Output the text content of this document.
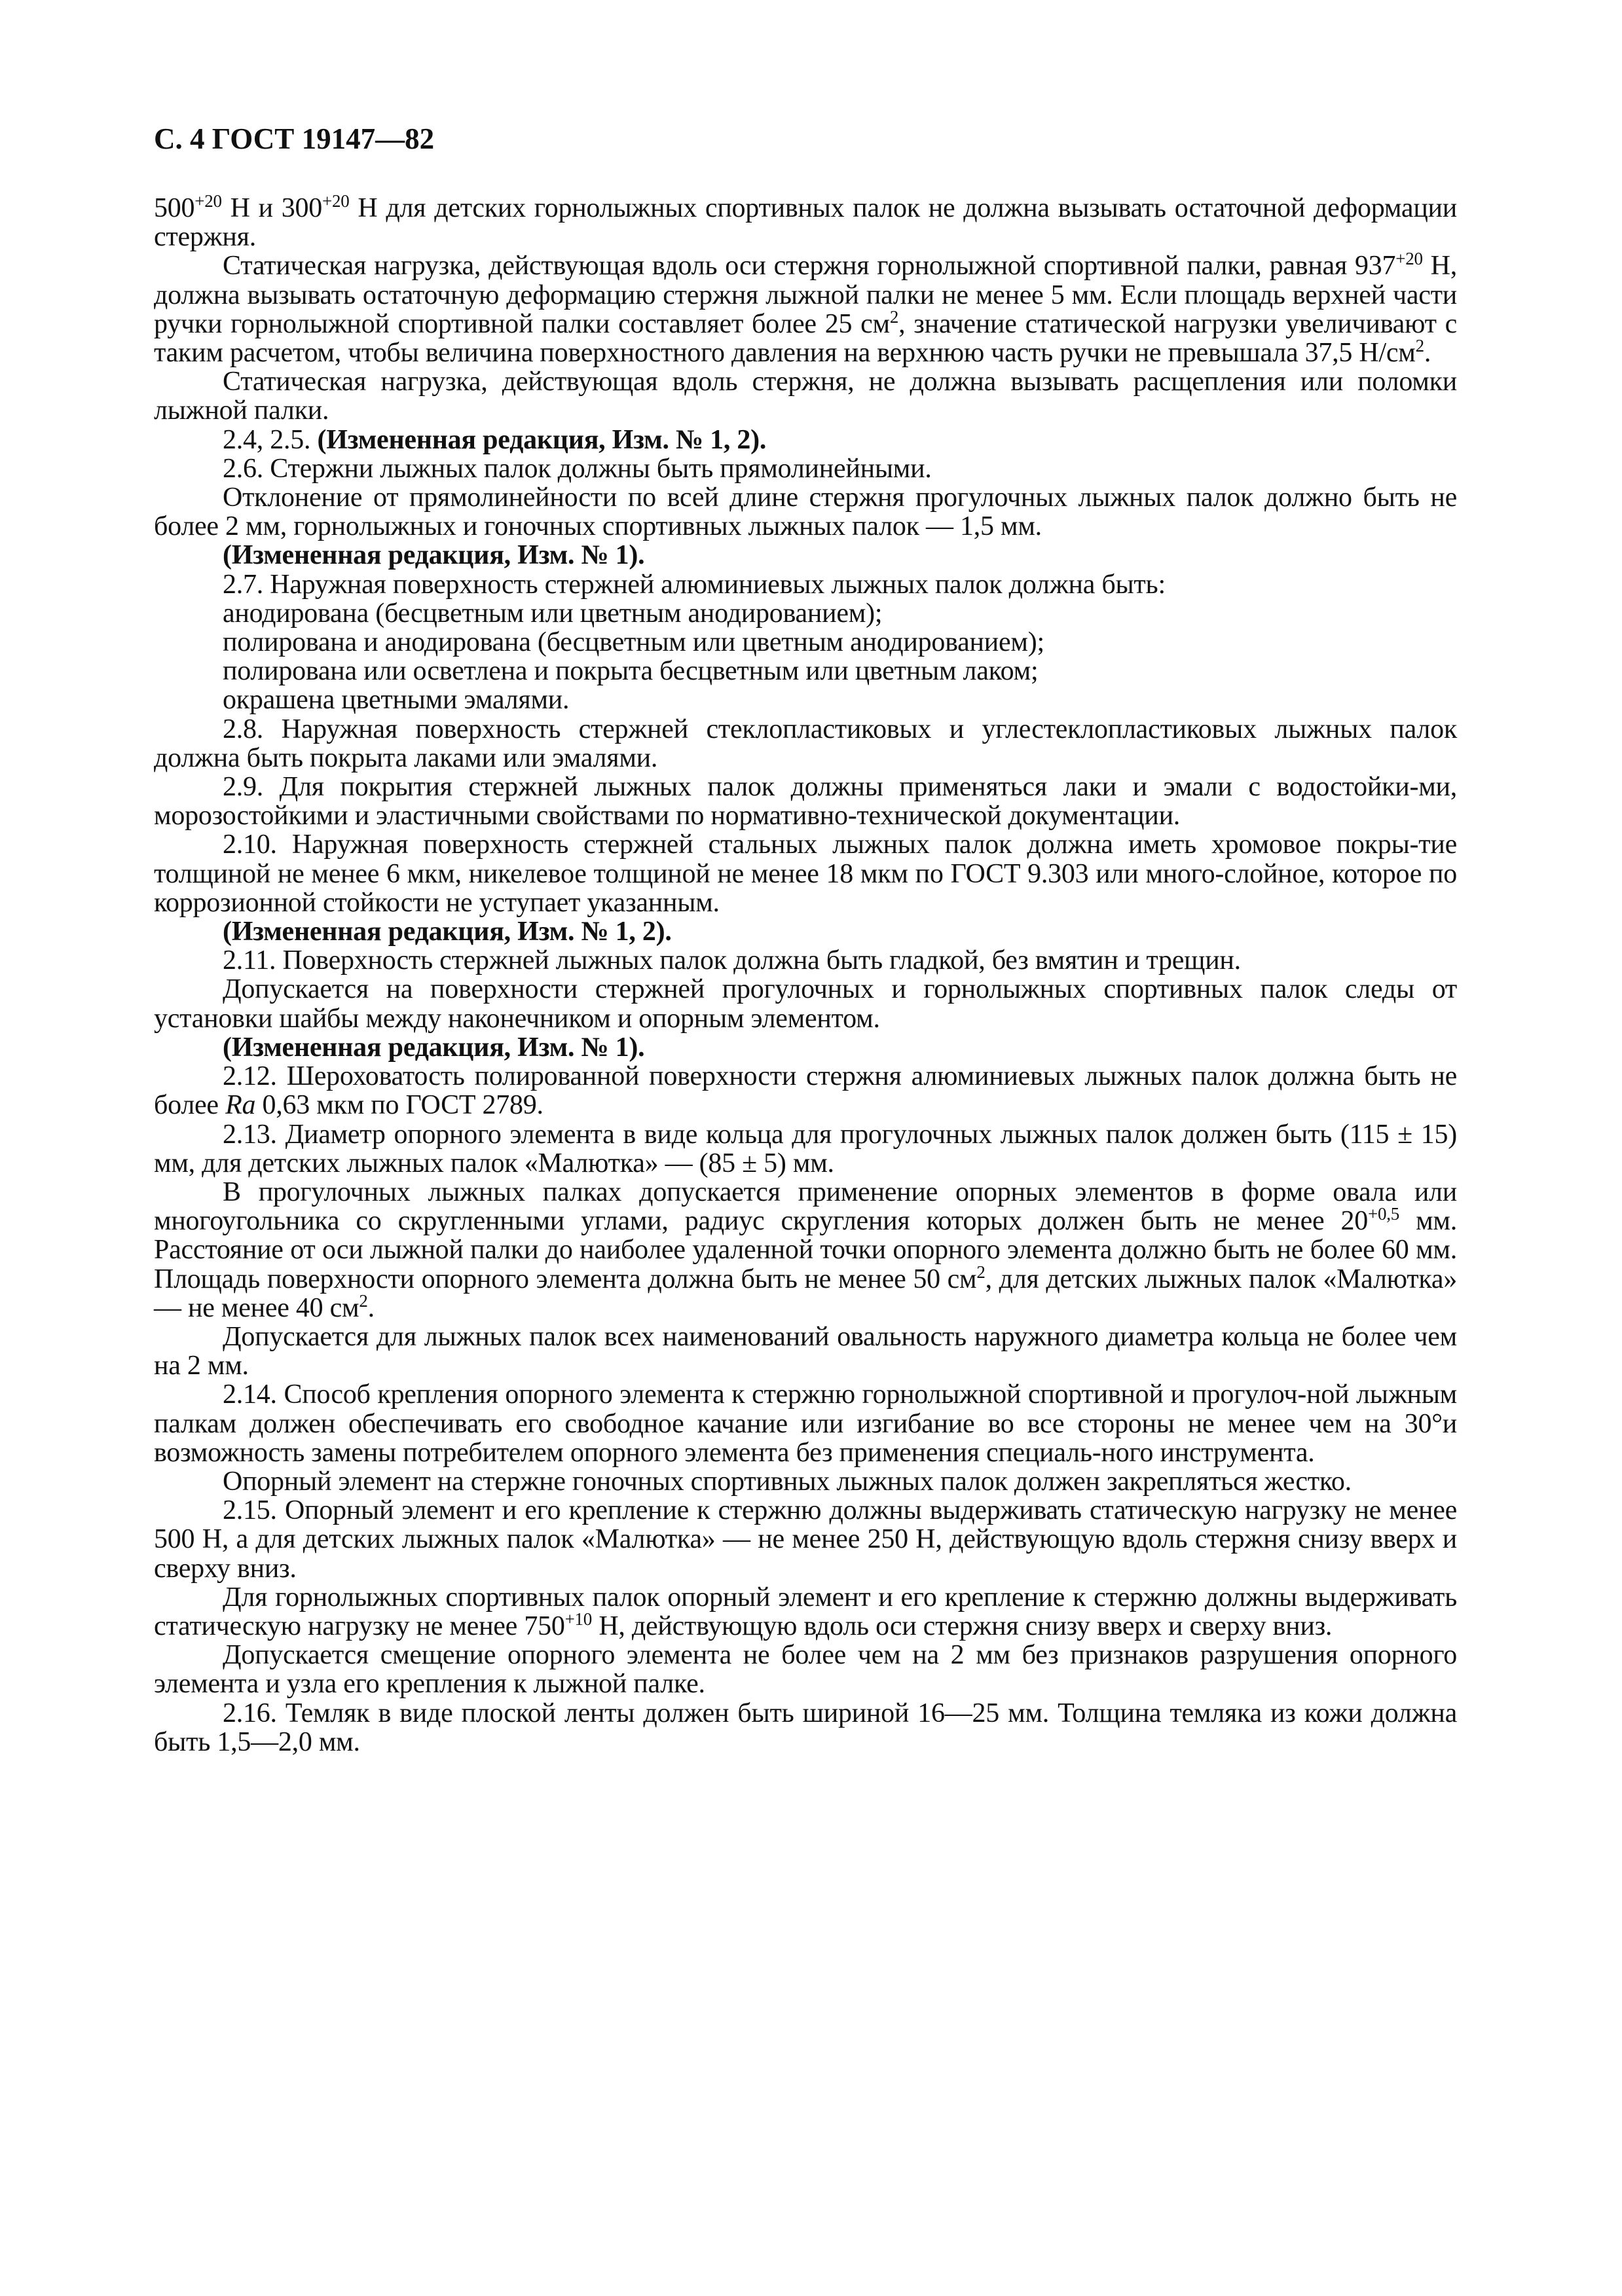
С. 4 ГОСТ 19147—82

$500^{+20}$ Н и $300^{+20}$ Н для детских горнолыжных спортивных палок не должна вызывать остаточной деформации стержня.

Статическая нагрузка, действующая вдоль оси стержня горнолыжной спортивной палки, равная $937^{+20}$ Н, должна вызывать остаточную деформацию стержня лыжной палки не менее 5 мм. Если площадь верхней части ручки горнолыжной спортивной палки составляет более 25 $см^2$, значение статической нагрузки увеличивают с таким расчетом, чтобы величина поверхностного давления на верхнюю часть ручки не превышала 37,5 $Н/см^2$.

Статическая нагрузка, действующая вдоль стержня, не должна вызывать расщепления или поломки лыжной палки.

2.4, 2.5. (Измененная редакция, Изм. № 1, 2).

2.6. Стержни лыжных палок должны быть прямолинейными.

Отклонение от прямолинейности по всей длине стержня прогулочных лыжных палок должно быть не более 2 мм, горнолыжных и гоночных спортивных лыжных палок — 1,5 мм.

(Измененная редакция, Изм. № 1).

2.7. Наружная поверхность стержней алюминиевых лыжных палок должна быть:

анодирована (бесцветным или цветным анодированием);

полирована и анодирована (бесцветным или цветным анодированием);

полирована или осветлена и покрыта бесцветным или цветным лаком;

окрашена цветными эмалями.

2.8. Наружная поверхность стержней стеклопластиковых и углестеклопластиковых лыжных палок должна быть покрыта лаками или эмалями.

2.9. Для покрытия стержней лыжных палок должны применяться лаки и эмали с водостойки-ми, морозостойкими и эластичными свойствами по нормативно-технической документации.

2.10. Наружная поверхность стержней стальных лыжных палок должна иметь хромовое покры-тие толщиной не менее 6 мкм, никелевое толщиной не менее 18 мкм по ГОСТ 9.303 или много-слойное, которое по коррозионной стойкости не уступает указанным.

(Измененная редакция, Изм. № 1, 2).

2.11. Поверхность стержней лыжных палок должна быть гладкой, без вмятин и трещин.

Допускается на поверхности стержней прогулочных и горнолыжных спортивных палок следы от установки шайбы между наконечником и опорным элементом.

(Измененная редакция, Изм. № 1).

2.12. Шероховатость полированной поверхности стержня алюминиевых лыжных палок должна быть не более Ra 0,63 мкм по ГОСТ 2789.

2.13. Диаметр опорного элемента в виде кольца для прогулочных лыжных палок должен быть (115 ± 15) мм, для детских лыжных палок «Малютка» — (85 ± 5) мм.

В прогулочных лыжных палках допускается применение опорных элементов в форме овала или многоугольника со скругленными углами, радиус скругления которых должен быть не менее $20^{+0,5}$ мм. Расстояние от оси лыжной палки до наиболее удаленной точки опорного элемента должно быть не более 60 мм. Площадь поверхности опорного элемента должна быть не менее 50 $см^2$, для детских лыжных палок «Малютка» — не менее 40 $см^2$.

Допускается для лыжных палок всех наименований овальность наружного диаметра кольца не более чем на 2 мм.

2.14. Способ крепления опорного элемента к стержню горнолыжной спортивной и прогулоч-ной лыжным палкам должен обеспечивать его свободное качание или изгибание во все стороны не менее чем на 30°и возможность замены потребителем опорного элемента без применения специаль-ного инструмента.

Опорный элемент на стержне гоночных спортивных лыжных палок должен закрепляться жестко.

2.15. Опорный элемент и его крепление к стержню должны выдерживать статическую нагрузку не менее 500 Н, а для детских лыжных палок «Малютка» — не менее 250 Н, действующую вдоль стержня снизу вверх и сверху вниз.

Для горнолыжных спортивных палок опорный элемент и его крепление к стержню должны выдерживать статическую нагрузку не менее $750^{+10}$ Н, действующую вдоль оси стержня снизу вверх и сверху вниз.

Допускается смещение опорного элемента не более чем на 2 мм без признаков разрушения опорного элемента и узла его крепления к лыжной палке.

2.16. Темляк в виде плоской ленты должен быть шириной 16—25 мм. Толщина темляка из кожи должна быть 1,5—2,0 мм.
